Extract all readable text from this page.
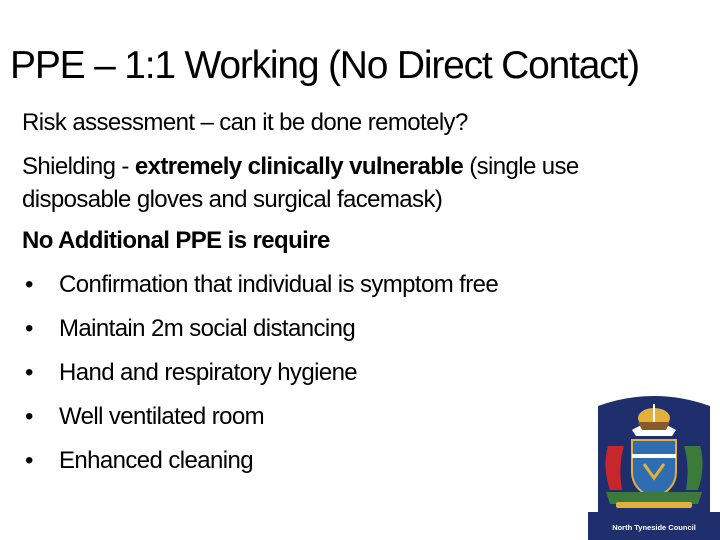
PPE – 1:1 Working (No Direct Contact)
Risk assessment – can it be done remotely?
Shielding - extremely clinically vulnerable (single use disposable gloves and surgical facemask)
No Additional PPE is require
•	Confirmation that individual is symptom free
•	Maintain 2m social distancing
•	Hand and respiratory hygiene
•	Well ventilated room
•	Enhanced cleaning
North Tyneside Council
